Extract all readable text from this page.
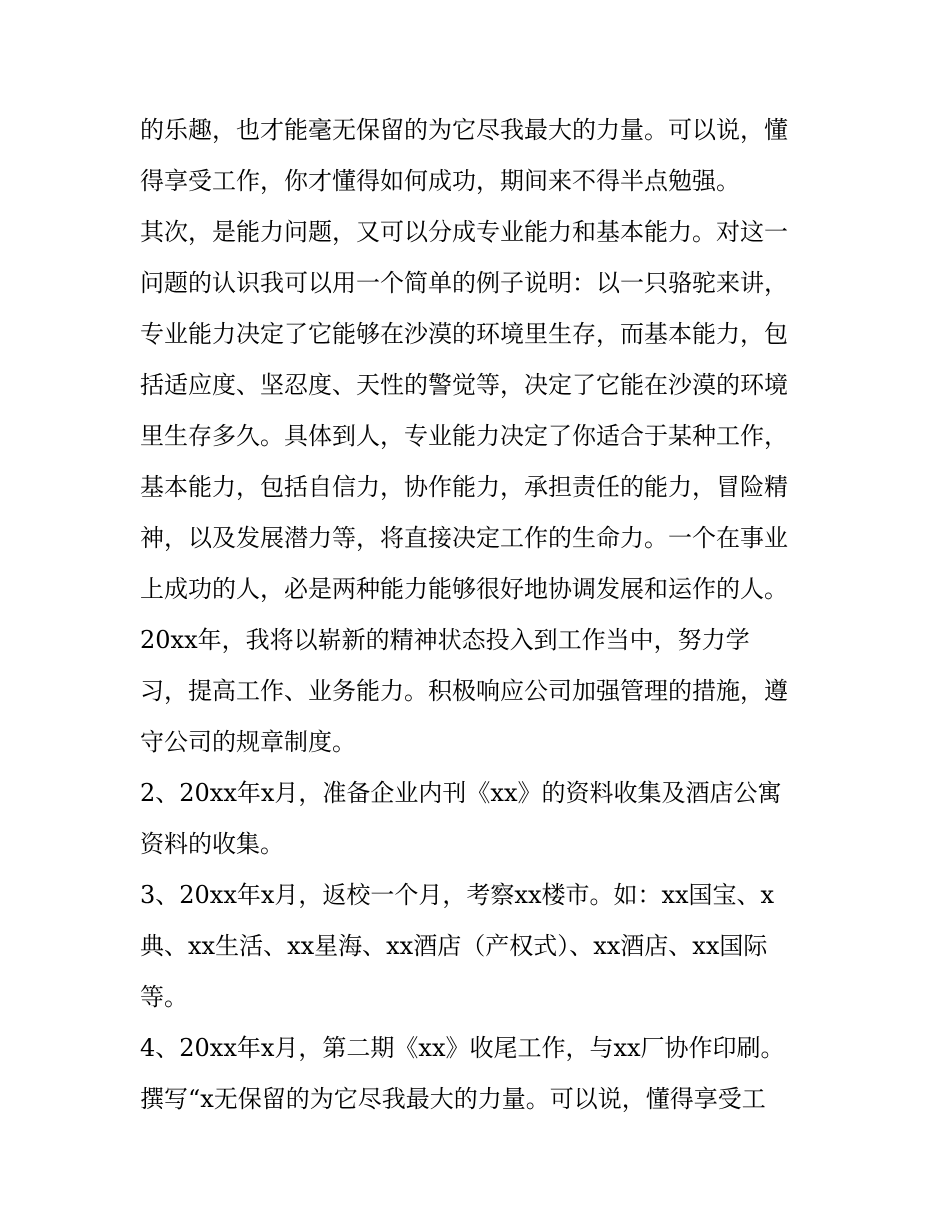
的乐趣，也才能毫无保留的为它尽我最大的力量。可以说，懂
得享受工作，你才懂得如何成功，期间来不得半点勉强。
其次，是能力问题，又可以分成专业能力和基本能力。对这一
问题的认识我可以用一个简单的例子说明：以一只骆驼来讲，
专业能力决定了它能够在沙漠的环境里生存，而基本能力，包
括适应度、坚忍度、天性的警觉等，决定了它能在沙漠的环境
里生存多久。具体到人，专业能力决定了你适合于某种工作，
基本能力，包括自信力，协作能力，承担责任的能力，冒险精
神，以及发展潜力等，将直接决定工作的生命力。一个在事业
上成功的人，必是两种能力能够很好地协调发展和运作的人。
20xx年，我将以崭新的精神状态投入到工作当中，努力学
习，提高工作、业务能力。积极响应公司加强管理的措施，遵
守公司的规章制度。
2、20xx年x月，准备企业内刊《xx》的资料收集及酒店公寓
资料的收集。
3、20xx年x月，返校一个月，考察xx楼市。如：xx国宝、x
典、xx生活、xx星海、xx酒店（产权式）、xx酒店、xx国际
等。
4、20xx年x月，第二期《xx》收尾工作，与xx厂协作印刷。
撰写“x无保留的为它尽我最大的力量。可以说，懂得享受工
